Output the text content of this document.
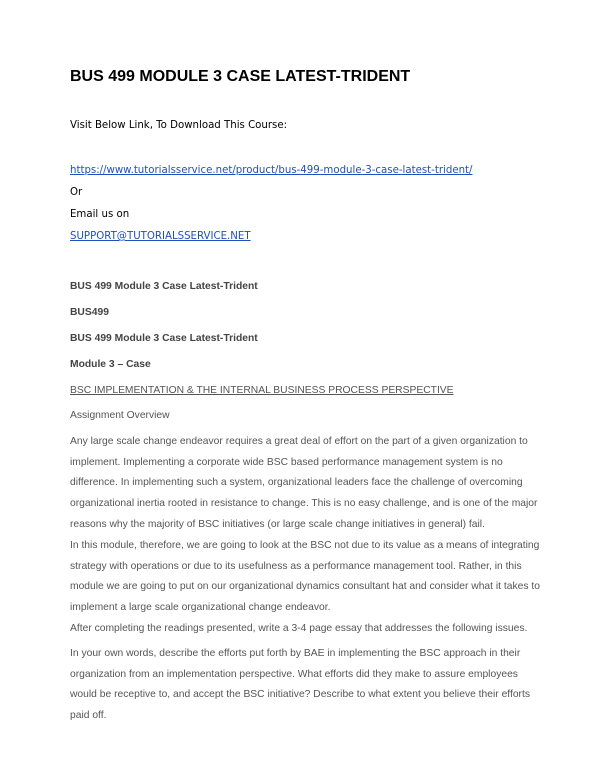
BUS 499 MODULE 3 CASE LATEST-TRIDENT
Visit Below Link, To Download This Course:
https://www.tutorialsservice.net/product/bus-499-module-3-case-latest-trident/
Or
Email us on
SUPPORT@TUTORIALSSERVICE.NET
BUS 499 Module 3 Case Latest-Trident
BUS499
BUS 499 Module 3 Case Latest-Trident
Module 3 – Case
BSC IMPLEMENTATION & THE INTERNAL BUSINESS PROCESS PERSPECTIVE
Assignment Overview

Any large scale change endeavor requires a great deal of effort on the part of a given organization to implement. Implementing a corporate wide BSC based performance management system is no difference. In implementing such a system, organizational leaders face the challenge of overcoming organizational inertia rooted in resistance to change. This is no easy challenge, and is one of the major reasons why the majority of BSC initiatives (or large scale change initiatives in general) fail.

In this module, therefore, we are going to look at the BSC not due to its value as a means of integrating strategy with operations or due to its usefulness as a performance management tool. Rather, in this module we are going to put on our organizational dynamics consultant hat and consider what it takes to implement a large scale organizational change endeavor.

After completing the readings presented, write a 3-4 page essay that addresses the following issues.

In your own words, describe the efforts put forth by BAE in implementing the BSC approach in their organization from an implementation perspective. What efforts did they make to assure employees would be receptive to, and accept the BSC initiative? Describe to what extent you believe their efforts paid off.
